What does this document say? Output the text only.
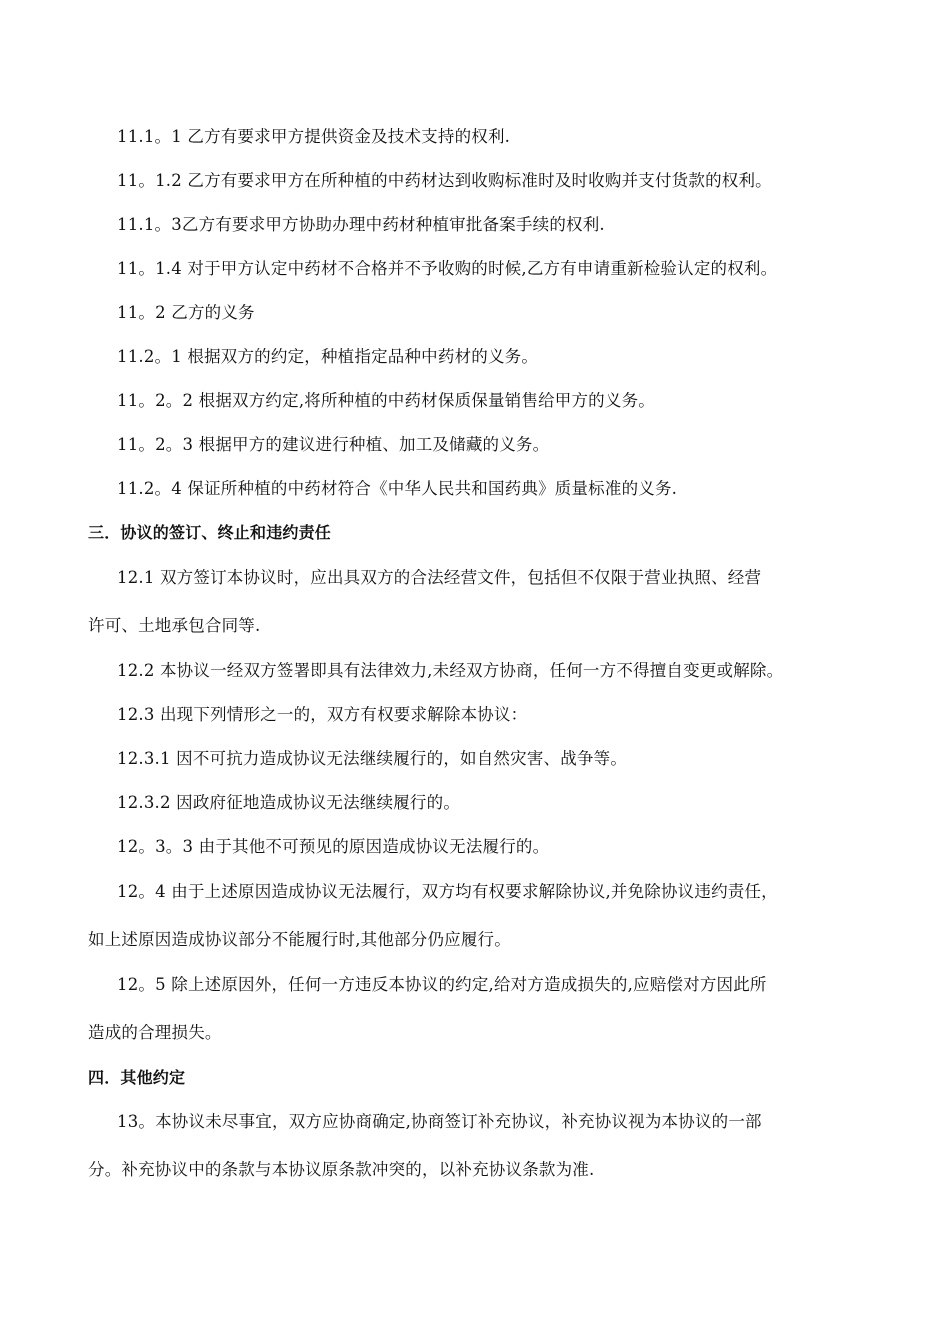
11.1。1 乙方有要求甲方提供资金及技术支持的权利.
11。1.2 乙方有要求甲方在所种植的中药材达到收购标准时及时收购并支付货款的权利。
11.1。3乙方有要求甲方协助办理中药材种植审批备案手续的权利.
11。1.4 对于甲方认定中药材不合格并不予收购的时候,乙方有申请重新检验认定的权利。
11。2 乙方的义务
11.2。1 根据双方的约定，种植指定品种中药材的义务。
11。2。2 根据双方约定,将所种植的中药材保质保量销售给甲方的义务。
11。2。3 根据甲方的建议进行种植、加工及储藏的义务。
11.2。4 保证所种植的中药材符合《中华人民共和国药典》质量标准的义务.
三．协议的签订、终止和违约责任
12.1 双方签订本协议时，应出具双方的合法经营文件，包括但不仅限于营业执照、经营
许可、土地承包合同等.
12.2 本协议一经双方签署即具有法律效力,未经双方协商，任何一方不得擅自变更或解除。
12.3 出现下列情形之一的，双方有权要求解除本协议：
12.3.1 因不可抗力造成协议无法继续履行的，如自然灾害、战争等。
12.3.2 因政府征地造成协议无法继续履行的。
12。3。3 由于其他不可预见的原因造成协议无法履行的。
12。4 由于上述原因造成协议无法履行，双方均有权要求解除协议,并免除协议违约责任，
如上述原因造成协议部分不能履行时,其他部分仍应履行。
12。5 除上述原因外，任何一方违反本协议的约定,给对方造成损失的,应赔偿对方因此所
造成的合理损失。
四．其他约定
13。本协议未尽事宜，双方应协商确定,协商签订补充协议，补充协议视为本协议的一部
分。补充协议中的条款与本协议原条款冲突的，以补充协议条款为准.
